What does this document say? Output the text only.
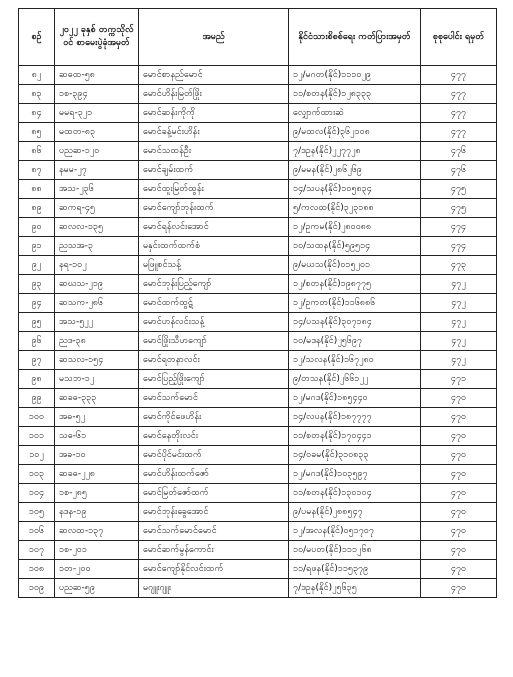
စဉ်	၂၀၂၂ ခုနှစ် တက္ကသိုလ်ဝင် စာမေးပွဲခုံအမှတ်	အမည်	နိုင်ငံသားစိစစ်ရေး ကတ်ပြားအမှတ်	စုစုပေါင်း ရမှတ်
၈၂	ဆဓထ-၅၈	မောင်စာနည်မောင်	၁၂/မဂတ(နိုင်)၁၁၁၀၂၉	၄၇၇
၈၃	၁စ-၃၉၄	မောင်ဟိန်းမြတ်ဖြိုး	၁၁/စတန(နိုင်)၁၂၈၃၃၃	၄၇၇
၈၄	မမရ-၃၂၁	မောင်ဆန်းကိုကို	လျှောက်ထားဆဲ	၄၇၇
၈၅	မထတ-၈၃	မောင်ခန့်မင်းဟိန်း	၉/မထလ(နိုင်)၃၆၂၁၀၈	၄၇၇
၈၆	ပညဆ-၁၂၀	မောင်သထန်ဦး	၇/ဒဥန(နိုင်)၂၂၇၇၂၈	၄၇၆
၈၇	နမမ-၂၇	မောင်ချမ်းထက်	၉/မမန(နိုင်)၂၈၆၂၆၉	၄၇၆
၈၈	အသ-၂၃၆	မောင်ထူးမြတ်ထွန်း	၁၄/သပန(နိုင်)၁၀၅၈၃၄	၄၇၅
၈၉	ဆကရ-၄၅	မောင်ကျော်ဘုန်းထက်	၅/ကလထ(နိုင်)၃၂၃၁၈၈	၄၇၅
၉၀	ဆလလ-၁၃၅	မောင်ရန်လင်းအောင်	၁၂/ဥကမ(နိုင်)၂၈၀၀၈၈	၄၇၄
၉၁	ညသအ-၃	မနှင်းထက်ထက်စံ	၁၀/သထန(နိုင်)၅၉၅၁၄	၄၇၄
၉၂	နရ-၁၀၂	မဖြူစင်သန့်	၉/မယသ(နိုင်)၀၁၅၂၀၁	၄၇၃
၉၃	ဆဃသ-၂၁၉	မောင်ဘုန်းပြည့်ကျော်	၁၂/စတန(နိုင်)၁၉၈၇၇၅	၄၇၂
၉၄	ဆသက-၂၈၆	မောင်ထက်ထွဋ်	၁၂/ဥကတ(နိုင်)၁၁၆၈၈၆	၄၇၂
၉၅	အသ-၅၂၂	မောင်ဟန်လင်းသန့်	၁၄/ပသန(နိုင်)၃၀၇၁၈၄	၄၇၂
၉၆	ညဒ-၃၈	မောင်ဖြိုးသီဟကျော်	၁၀/မဒန(နိုင်)၂၅၆၉၇	၄၇၂
၉၇	ဆသလ-၁၅၄	မောင်ရတနာလင်း	၁၂/သလန(နိုင်)၁၆၇၂၈၀	၄၇၂
၉၈	မသဘ-၁၂	မောင်ပြည့်ဖြိုးကျော်	၉/တသန(နိုင်)၂၆၆၁၂၂	၄၇၁
၉၉	ဆခဓ-၃၃၃	မောင်သက်မောင်	၁၂/မဂဒ(နိုင်)၁၈၅၄၄၀	၄၇၀
၁၀၀	အဓ-၅၂	မောင်ကိုင်ဖေဟိန်း	၁၄/လပန(နိုင်)၁၈၇၇၇၇	၄၇၀
၁၀၁	သဓ-၆၁	မောင်နေတိုးလင်း	၁၁/စတန(နိုင်)၁၇၀၄၄၁	၄၇၀
၁၀၂	အခ-၁၀	မောင်ပိုင်မင်းထက်	၁၄/ဝခမ(နိုင်)၃၁၀၈၃၃	၄၇၀
၁၀၃	ဆခဓ-၂၂၈	မောင်ဟိန်းထက်ဇော်	၁၂/မဂဒ(နိုင်)၁၀၃၅၉၇	၄၇၀
၁၀၄	၁စ-၂၈၅	မောင်မြတ်ဇော်ထက်	၁၁/စတန(နိုင်)၁၃၀၁၀၄	၄၇၀
၁၀၅	နဒန-၁၉	မောင်ဘုန်းခွေအောင်	၉/ပမန(နိုင်)၂၈၈၅၄၇	၄၇၀
၁၀၆	ဆလထ-၁၃၇	မောင်သက်မောင်မောင်	၁၂/အလန(နိုင်)၀၅၁၇၀၇	၄၇၀
၁၀၇	၁စ-၂၀၁	မောင်ဆက်မွန်ကောင်း	၁၀/မပတ(နိုင်)၁၁၁၂၆၈	၄၇၀
၁၀၈	၁တ-၂၀၀	မောင်ကျော်နိုင်လင်းထက်	၁၁/ရဖန(နိုင်)၁၁၅၃၇၉	၄၇၀
၁၀၉	ပညဆ-၅၉	မဂျူးဂျူး	၇/ဒဥန(နိုင်)၂၅၆၃၅	၄၇၀
